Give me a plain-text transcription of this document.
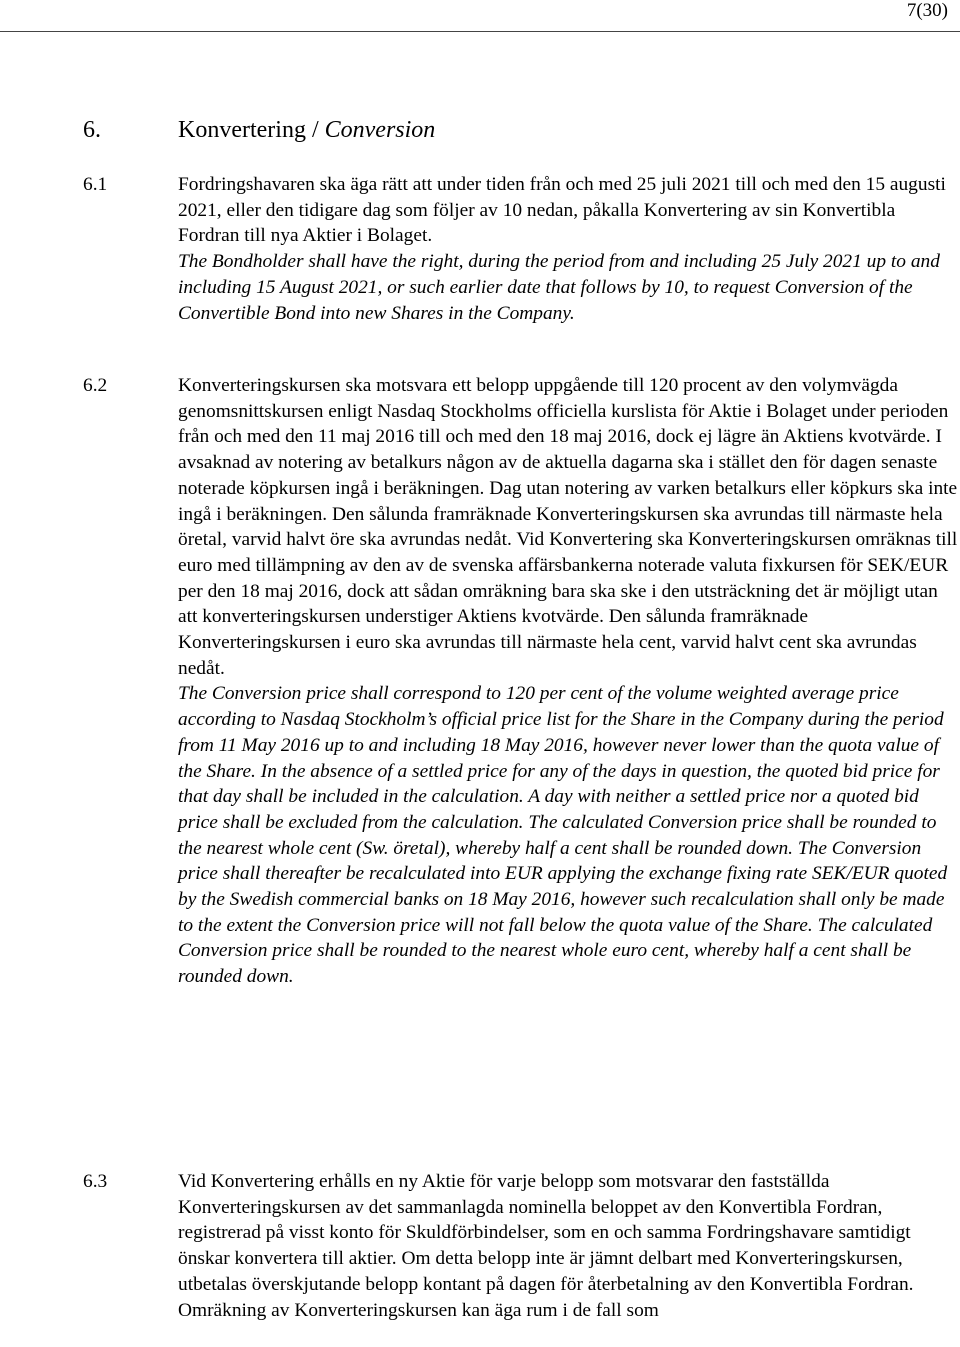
7(30)
6.	Konvertering / Conversion
6.1	Fordringshavaren ska äga rätt att under tiden från och med 25 juli 2021 till och med den 15 augusti 2021, eller den tidigare dag som följer av 10 nedan, påkalla Konvertering av sin Konvertibla Fordran till nya Aktier i Bolaget.

The Bondholder shall have the right, during the period from and including 25 July 2021 up to and including 15 August 2021, or such earlier date that follows by 10, to request Conversion of the Convertible Bond into new Shares in the Company.

6.2	Konverteringskursen ska motsvara ett belopp uppgående till 120 procent av den volymvägda genomsnittskursen enligt Nasdaq Stockholms officiella kurslista för Aktie i Bolaget under perioden från och med den 11 maj 2016 till och med den 18 maj 2016, dock ej lägre än Aktiens kvotvärde. I avsaknad av notering av betalkurs någon av de aktuella dagarna ska i stället den för dagen senaste noterade köpkursen ingå i beräkningen. Dag utan notering av varken betalkurs eller köpkurs ska inte ingå i beräkningen. Den sålunda framräknade Konverteringskursen ska avrundas till närmaste hela öretal, varvid halvt öre ska avrundas nedåt. Vid Konvertering ska Konverteringskursen omräknas till euro med tillämpning av den av de svenska affärsbankerna noterade valuta fixkursen för SEK/EUR per den 18 maj 2016, dock att sådan omräkning bara ska ske i den utsträckning det är möjligt utan att konverteringskursen understiger Aktiens kvotvärde. Den sålunda framräknade Konverteringskursen i euro ska avrundas till närmaste hela cent, varvid halvt cent ska avrundas nedåt.

The Conversion price shall correspond to 120 per cent of the volume weighted average price according to Nasdaq Stockholm’s official price list for the Share in the Company during the period from 11 May 2016 up to and including 18 May 2016, however never lower than the quota value of the Share. In the absence of a settled price for any of the days in question, the quoted bid price for that day shall be included in the calculation. A day with neither a settled price nor a quoted bid price shall be excluded from the calculation. The calculated Conversion price shall be rounded to the nearest whole cent (Sw. öretal), whereby half a cent shall be rounded down. The Conversion price shall thereafter be recalculated into EUR applying the exchange fixing rate SEK/EUR quoted by the Swedish commercial banks on 18 May 2016, however such recalculation shall only be made to the extent the Conversion price will not fall below the quota value of the Share. The calculated Conversion price shall be rounded to the nearest whole euro cent, whereby half a cent shall be rounded down.

6.3	Vid Konvertering erhålls en ny Aktie för varje belopp som motsvarar den fastställda Konverteringskursen av det sammanlagda nominella beloppet av den Konvertibla Fordran, registrerad på visst konto för Skuldförbindelser, som en och samma Fordringshavare samtidigt önskar konvertera till aktier. Om detta belopp inte är jämnt delbart med Konverteringskursen, utbetalas överskjutande belopp kontant på dagen för återbetalning av den Konvertibla Fordran. Omräkning av Konverteringskursen kan äga rum i de fall som
